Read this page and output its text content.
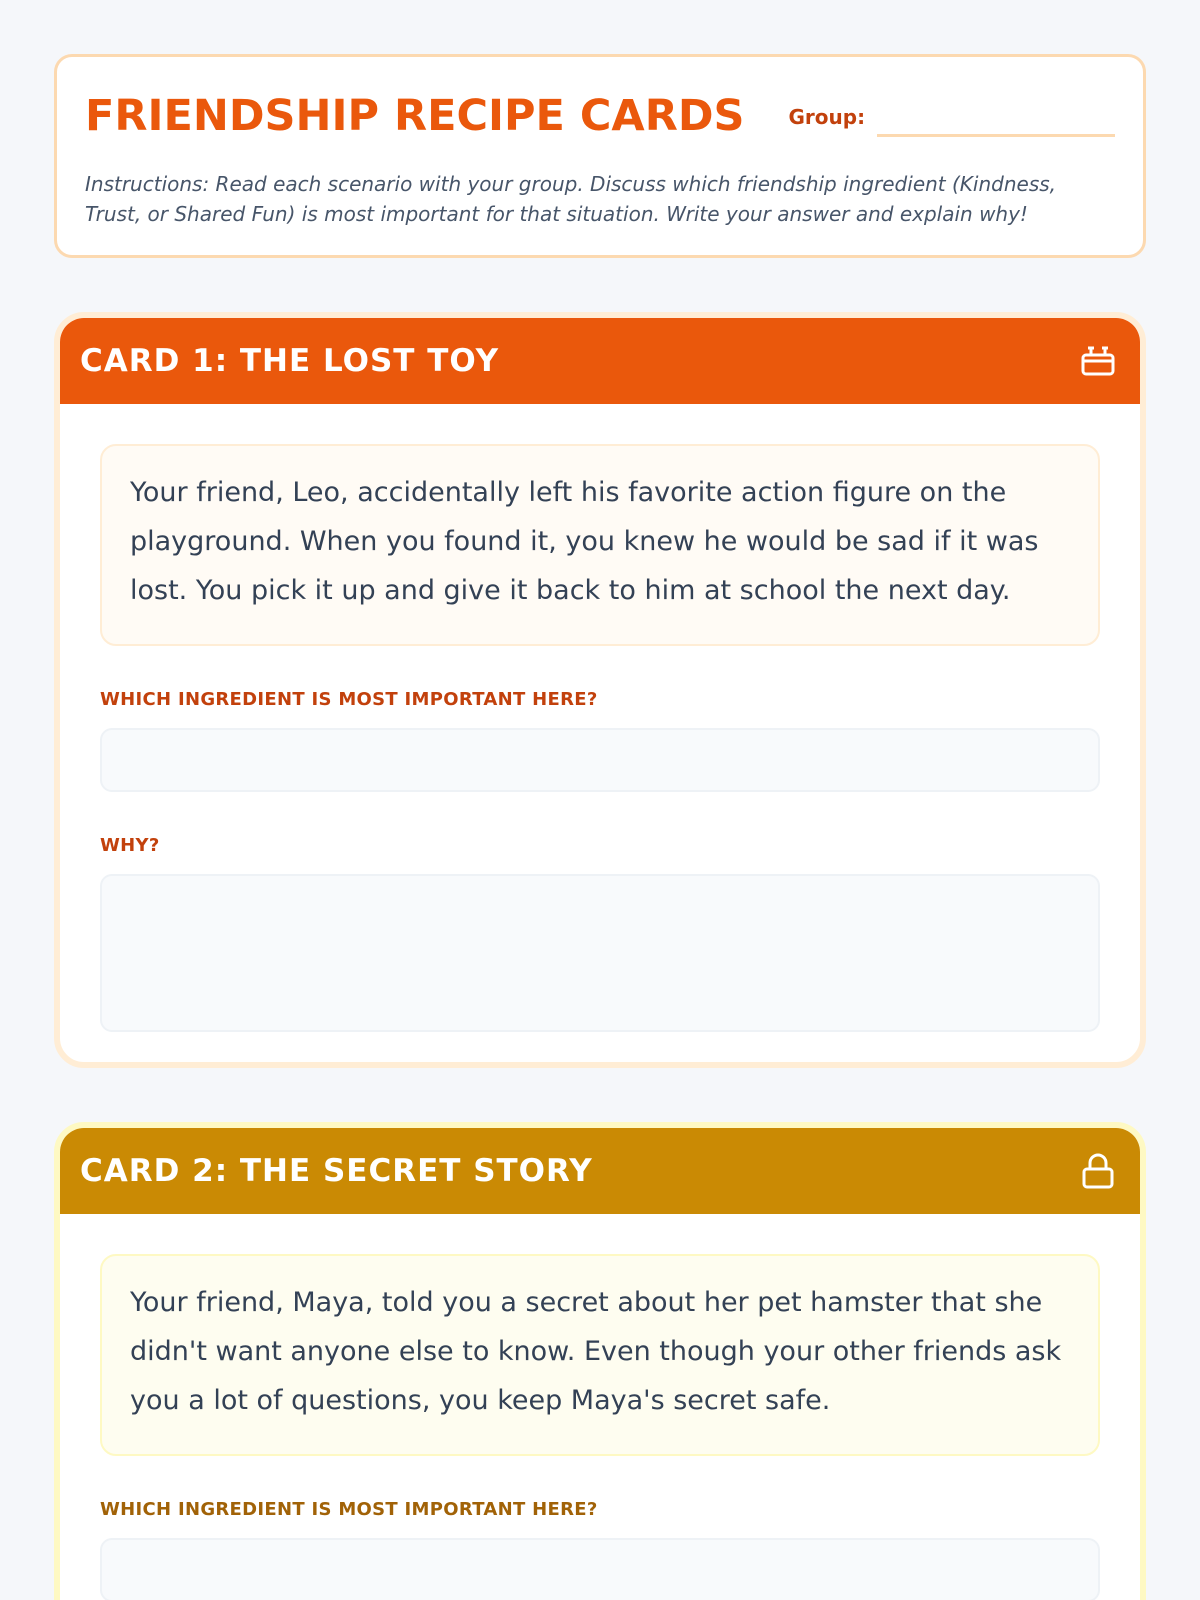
FRIENDSHIP RECIPE CARDS Group:

Instructions: Read each scenario with your group. Discuss which friendship ingredient (Kindness, Trust, or Shared Fun) is most important for that situation. Write your answer and explain why!

CARD 1: THE LOST TOY

Your friend, Leo, accidentally left his favorite action figure on the playground. When you found it, you knew he would be sad if it was lost. You pick it up and give it back to him at school the next day.

WHICH INGREDIENT IS MOST IMPORTANT HERE?
WHY?
CARD 2: THE SECRET STORY

Your friend, Maya, told you a secret about her pet hamster that she didn't want anyone else to know. Even though your other friends ask you a lot of questions, you keep Maya's secret safe.

WHICH INGREDIENT IS MOST IMPORTANT HERE?
